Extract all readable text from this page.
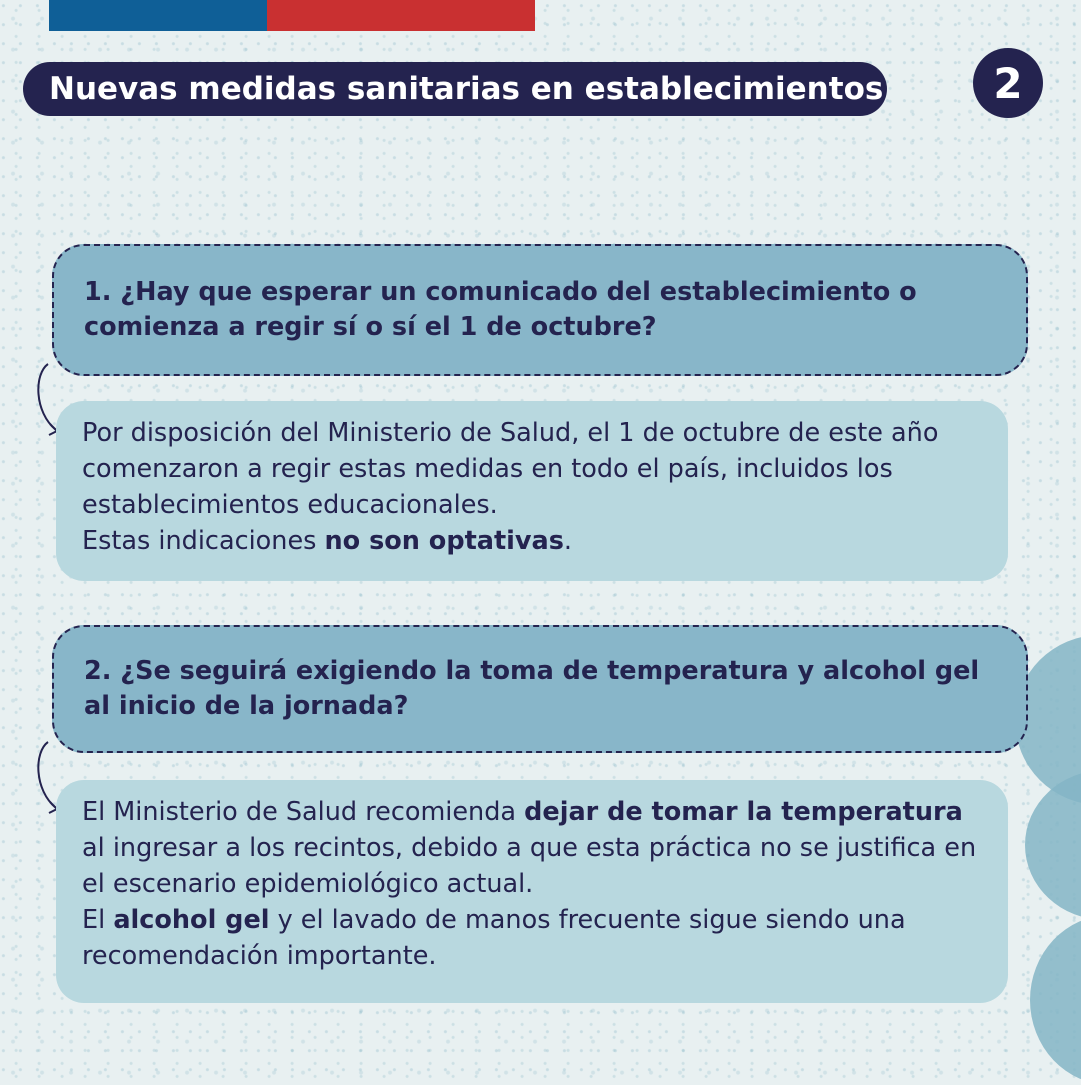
Nuevas medidas sanitarias en establecimientos	2
1. ¿Hay que esperar un comunicado del establecimiento o comienza a regir sí o sí el 1 de octubre?
Por disposición del Ministerio de Salud, el 1 de octubre de este año comenzaron a regir estas medidas en todo el país, incluidos los establecimientos educacionales.
Estas indicaciones no son optativas.
2. ¿Se seguirá exigiendo la toma de temperatura y alcohol gel al inicio de la jornada?
El Ministerio de Salud recomienda dejar de tomar la temperatura al ingresar a los recintos, debido a que esta práctica no se justifica en el escenario epidemiológico actual.
El alcohol gel y el lavado de manos frecuente sigue siendo una recomendación importante.
